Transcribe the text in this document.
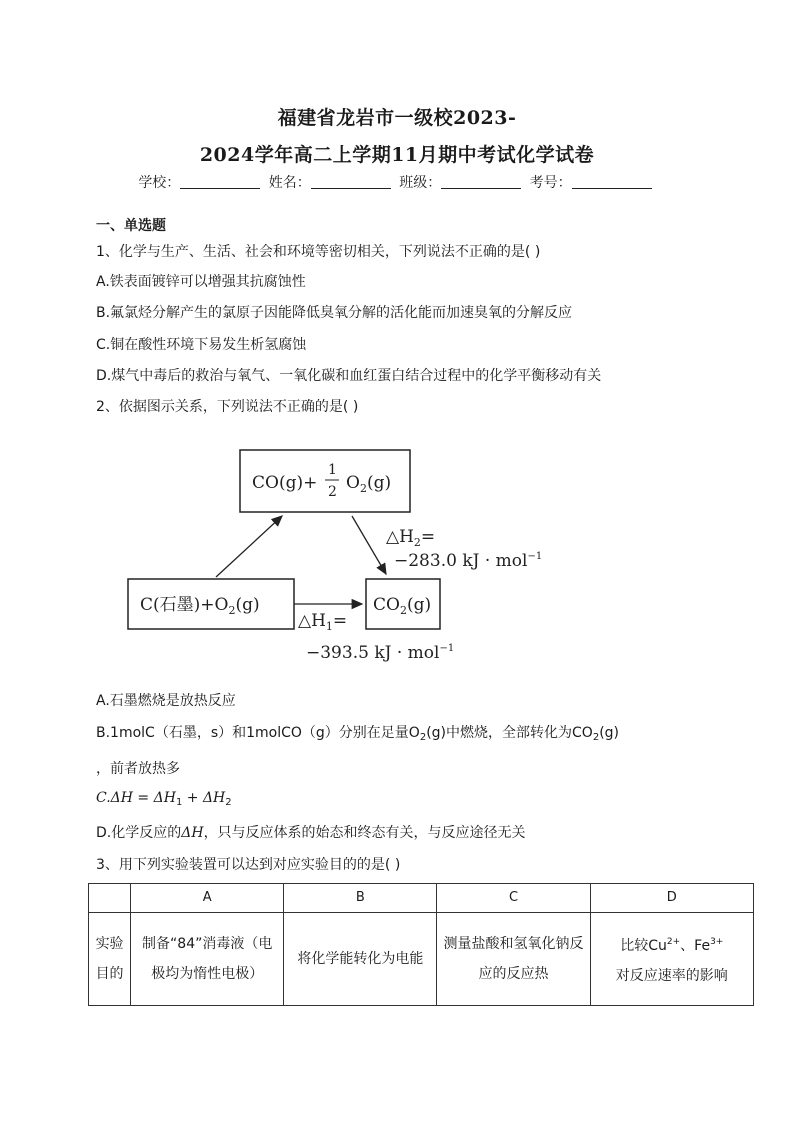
福建省龙岩市一级校2023-
2024学年高二上学期11月期中考试化学试卷
学校：	姓名：	班级：	考号：
一、单选题
1、化学与生产、生活、社会和环境等密切相关，下列说法不正确的是( )
A.铁表面镀锌可以增强其抗腐蚀性
B.氟氯烃分解产生的氯原子因能降低臭氧分解的活化能而加速臭氧的分解反应
C.铜在酸性环境下易发生析氢腐蚀
D.煤气中毒后的救治与氧气、一氧化碳和血红蛋白结合过程中的化学平衡移动有关
2、依据图示关系，下列说法不正确的是( )
CO(g)+
1
2 $O_2(g)$
C(石墨)$+O_2(g)$	$CO_2(g)$
$\triangle H_2=$
−283.0 kJ · mol$^{-1}$
$\triangle H_1=$
−393.5 kJ · mol$^{-1}$
A.石墨燃烧是放热反应
B.1molC（石墨，s）和1molCO（g）分别在足量$O_2(g)$中燃烧，全部转化为$CO_2(g)$
，前者放热多
$C.\Delta H = \Delta H_1 + \Delta H_2$
D.化学反应的ΔH，只与反应体系的始态和终态有关，与反应途径无关
3、用下列实验装置可以达到对应实验目的的是( )
	A	B	C	D
实验目的	制备“84”消毒液（电极均为惰性电极）	将化学能转化为电能	测量盐酸和氢氧化钠反应的反应热	比较$Cu^{2+}$、$Fe^{3+}$
对反应速率的影响
